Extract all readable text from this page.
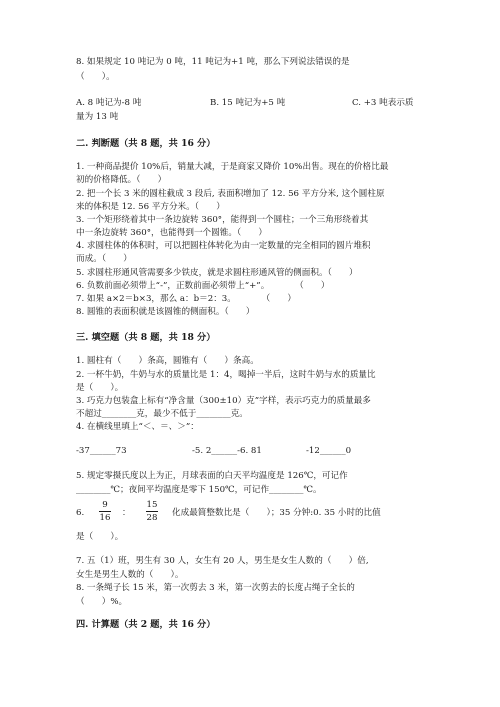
8. 如果规定 10 吨记为 0 吨，11 吨记为+1 吨，那么下列说法错误的是
（　　）。
A. 8 吨记为-8 吨	B. 15 吨记为+5 吨	C. +3 吨表示质
量为 13 吨
二. 判断题（共 8 题，共 16 分）
1. 一种商品提价 10%后，销量大减，于是商家又降价 10%出售。现在的价格比最
初的价格降低。（　　）
2. 把一个长 3 米的圆柱截成 3 段后, 表面积增加了 12. 56 平方分米, 这个圆柱原
来的体积是 12. 56 平方分米。（　　）
3. 一个矩形绕着其中一条边旋转 360°，能得到一个圆柱；一个三角形绕着其
中一条边旋转 360°，也能得到一个圆锥。（　　）
4. 求圆柱体的体积时，可以把圆柱体转化为由一定数量的完全相同的圆片堆积
而成。（　　）
5. 求圆柱形通风管需要多少铁皮，就是求圆柱形通风管的侧面积。（　　）
6. 负数前面必须带上“-”，正数前面必须带上“+”。　　　　（　　）
7. 如果 a×2＝b×3，那么 a：b＝2：3。　　　　（　　）
8. 圆锥的表面积就是该圆锥的侧面积。（　　）
三. 填空题（共 8 题，共 18 分）
1. 圆柱有（　　）条高，圆锥有（　　）条高。
2. 一杯牛奶，牛奶与水的质量比是 1：4，喝掉一半后，这时牛奶与水的质量比
是（　　）。
3. 巧克力包装盒上标有“净含量（300±10）克”字样，表示巧克力的质量最多
不超过________克，最少不低于________克。
4. 在横线里填上“＜、＝、＞”：
-37______73	-5. 2______-6. 81	-12______0
5. 规定零摄氏度以上为正，月球表面的白天平均温度是 126℃，可记作
________℃；夜间平均温度是零下 150℃，可记作________℃。
6.
9
16 ：
15
28 化成最简整数比是（　　）；35 分钟:0. 35 小时的比值
是（　　）。
7. 五（1）班，男生有 30 人，女生有 20 人，男生是女生人数的（　　）倍,
女生是男生人数的（　　）。
8. 一条绳子长 15 米，第一次剪去 3 米，第一次剪去的长度占绳子全长的
（　　）%。
四. 计算题（共 2 题，共 16 分）
